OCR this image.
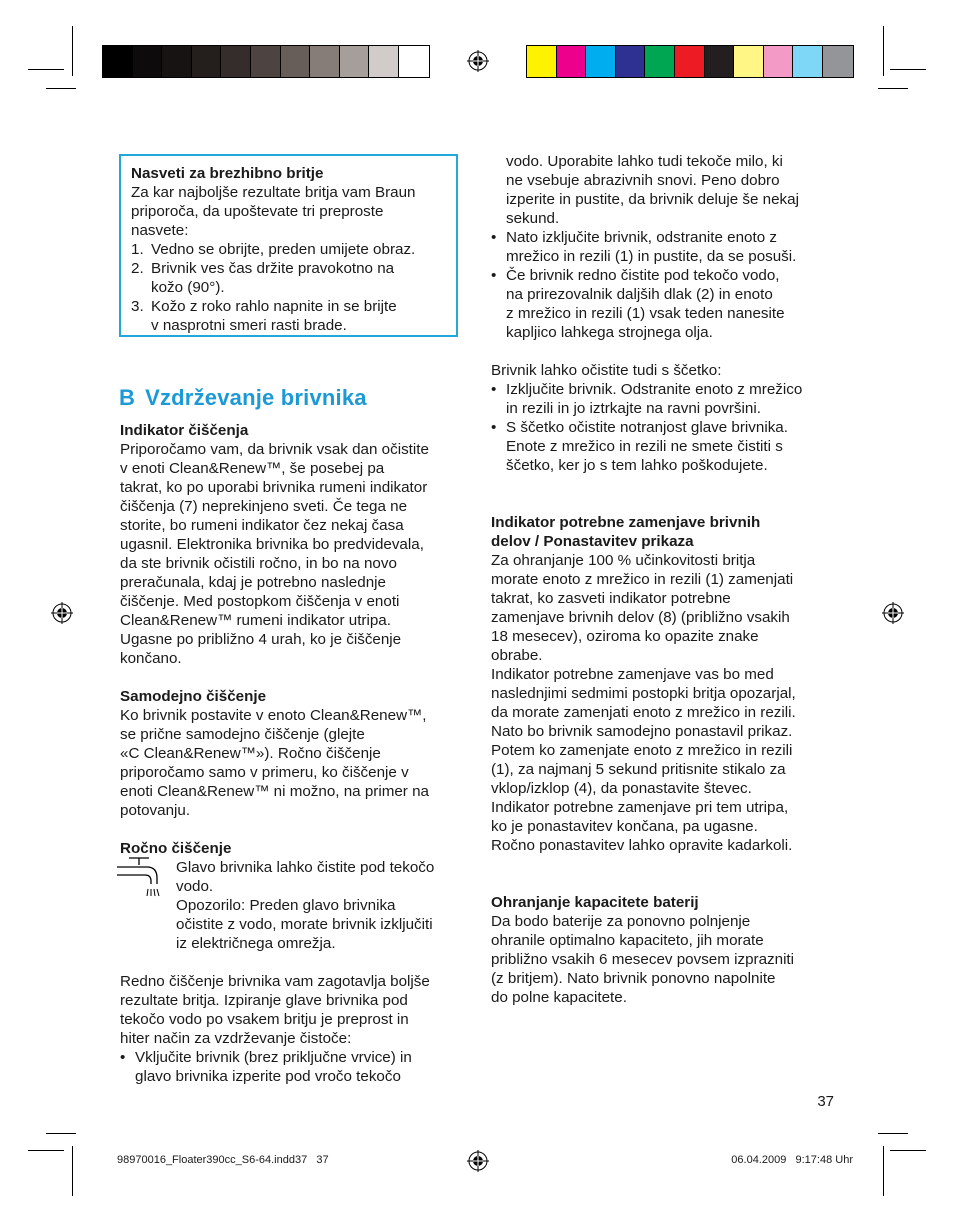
Nasveti za brezhibno britje

Za kar najboljše rezultate britja vam Braun

priporoča, da upoštevate tri preproste

nasvete:

1. Vedno se obrijte, preden umijete obraz.
2. Brivnik ves čas držite pravokotno na
kožo (90°).
3. Kožo z roko rahlo napnite in se brijte
v nasprotni smeri rasti brade.
B Vzdrževanje brivnika

Indikator čiščenja

Priporočamo vam, da brivnik vsak dan očistite

v enoti Clean&Renew™, še posebej pa

takrat, ko po uporabi brivnika rumeni indikator

čiščenja (7) neprekinjeno sveti. Če tega ne

storite, bo rumeni indikator čez nekaj časa

ugasnil. Elektronika brivnika bo predvidevala,

da ste brivnik očistili ročno, in bo na novo

preračunala, kdaj je potrebno naslednje

čiščenje. Med postopkom čiščenja v enoti

Clean&Renew™ rumeni indikator utripa.

Ugasne po približno 4 urah, ko je čiščenje

končano.

Samodejno čiščenje

Ko brivnik postavite v enoto Clean&Renew™,

se prične samodejno čiščenje (glejte

«C Clean&Renew™»). Ročno čiščenje

priporočamo samo v primeru, ko čiščenje v

enoti Clean&Renew™ ni možno, na primer na

potovanju.

Ročno čiščenje

Glavo brivnika lahko čistite pod tekočo

vodo.

Opozorilo: Preden glavo brivnika

očistite z vodo, morate brivnik izključiti

iz električnega omrežja.

Redno čiščenje brivnika vam zagotavlja boljše

rezultate britja. Izpiranje glave brivnika pod

tekočo vodo po vsakem britju je preprost in

hiter način za vzdrževanje čistoče:

• Vključite brivnik (brez priključne vrvice) in
glavo brivnika izperite pod vročo tekočo

vodo. Uporabite lahko tudi tekoče milo, ki

ne vsebuje abrazivnih snovi. Peno dobro

izperite in pustite, da brivnik deluje še nekaj

sekund.

• Nato izključite brivnik, odstranite enoto z
mrežico in rezili (1) in pustite, da se posuši.
• Če brivnik redno čistite pod tekočo vodo,
na prirezovalnik daljših dlak (2) in enoto
z mrežico in rezili (1) vsak teden nanesite
kapljico lahkega strojnega olja.

Brivnik lahko očistite tudi s ščetko:

• Izključite brivnik. Odstranite enoto z mrežico
in rezili in jo iztrkajte na ravni površini.
• S ščetko očistite notranjost glave brivnika.
Enote z mrežico in rezili ne smete čistiti s
ščetko, ker jo s tem lahko poškodujete.

Indikator potrebne zamenjave brivnih

delov / Ponastavitev prikaza

Za ohranjanje 100 % učinkovitosti britja

morate enoto z mrežico in rezili (1) zamenjati

takrat, ko zasveti indikator potrebne

zamenjave brivnih delov (8) (približno vsakih

18 mesecev), oziroma ko opazite znake

obrabe.

Indikator potrebne zamenjave vas bo med

naslednjimi sedmimi postopki britja opozarjal,

da morate zamenjati enoto z mrežico in rezili.

Nato bo brivnik samodejno ponastavil prikaz.

Potem ko zamenjate enoto z mrežico in rezili

(1), za najmanj 5 sekund pritisnite stikalo za

vklop/izklop (4), da ponastavite števec.

Indikator potrebne zamenjave pri tem utripa,

ko je ponastavitev končana, pa ugasne.

Ročno ponastavitev lahko opravite kadarkoli.

Ohranjanje kapacitete baterij

Da bodo baterije za ponovno polnjenje

ohranile optimalno kapaciteto, jih morate

približno vsakih 6 mesecev povsem izprazniti

(z britjem). Nato brivnik ponovno napolnite

do polne kapacitete.

37
98970016_Floater390cc_S6-64.indd37   37	06.04.2009   9:17:48 Uhr
